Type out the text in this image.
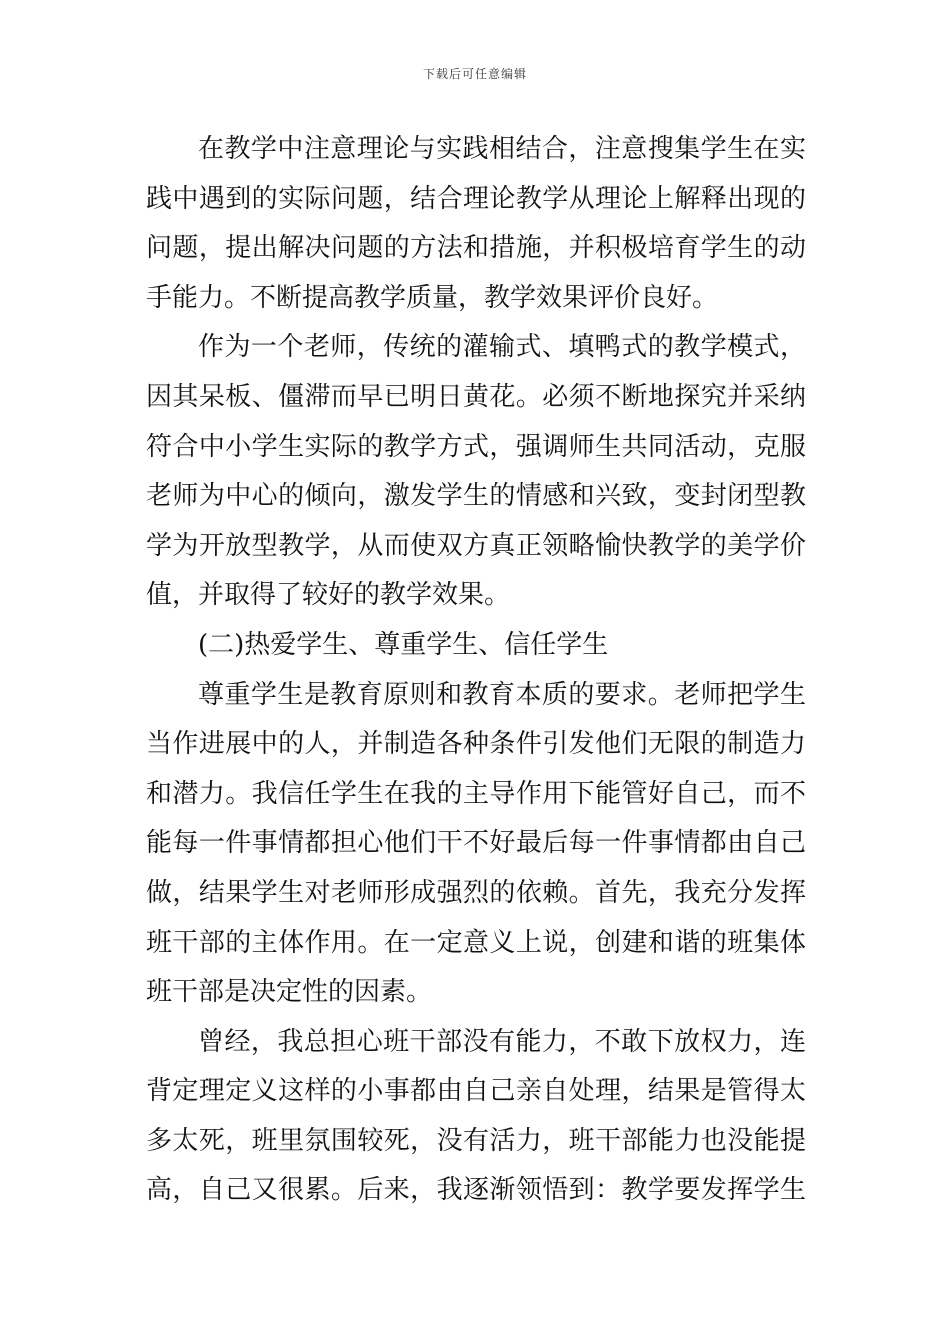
下载后可任意编辑
在教学中注意理论与实践相结合，注意搜集学生在实
践中遇到的实际问题，结合理论教学从理论上解释出现的
问题，提出解决问题的方法和措施，并积极培育学生的动
手能力。不断提高教学质量，教学效果评价良好。
作为一个老师，传统的灌输式、填鸭式的教学模式，
因其呆板、僵滞而早已明日黄花。必须不断地探究并采纳
符合中小学生实际的教学方式，强调师生共同活动，克服
老师为中心的倾向，激发学生的情感和兴致，变封闭型教
学为开放型教学，从而使双方真正领略愉快教学的美学价
值，并取得了较好的教学效果。
(二)热爱学生、尊重学生、信任学生
尊重学生是教育原则和教育本质的要求。老师把学生
当作进展中的人，并制造各种条件引发他们无限的制造力
和潜力。我信任学生在我的主导作用下能管好自己，而不
能每一件事情都担心他们干不好最后每一件事情都由自己
做，结果学生对老师形成强烈的依赖。首先，我充分发挥
班干部的主体作用。在一定意义上说，创建和谐的班集体
班干部是决定性的因素。
曾经，我总担心班干部没有能力，不敢下放权力，连
背定理定义这样的小事都由自己亲自处理，结果是管得太
多太死，班里氛围较死，没有活力，班干部能力也没能提
高，自己又很累。后来，我逐渐领悟到：教学要发挥学生
